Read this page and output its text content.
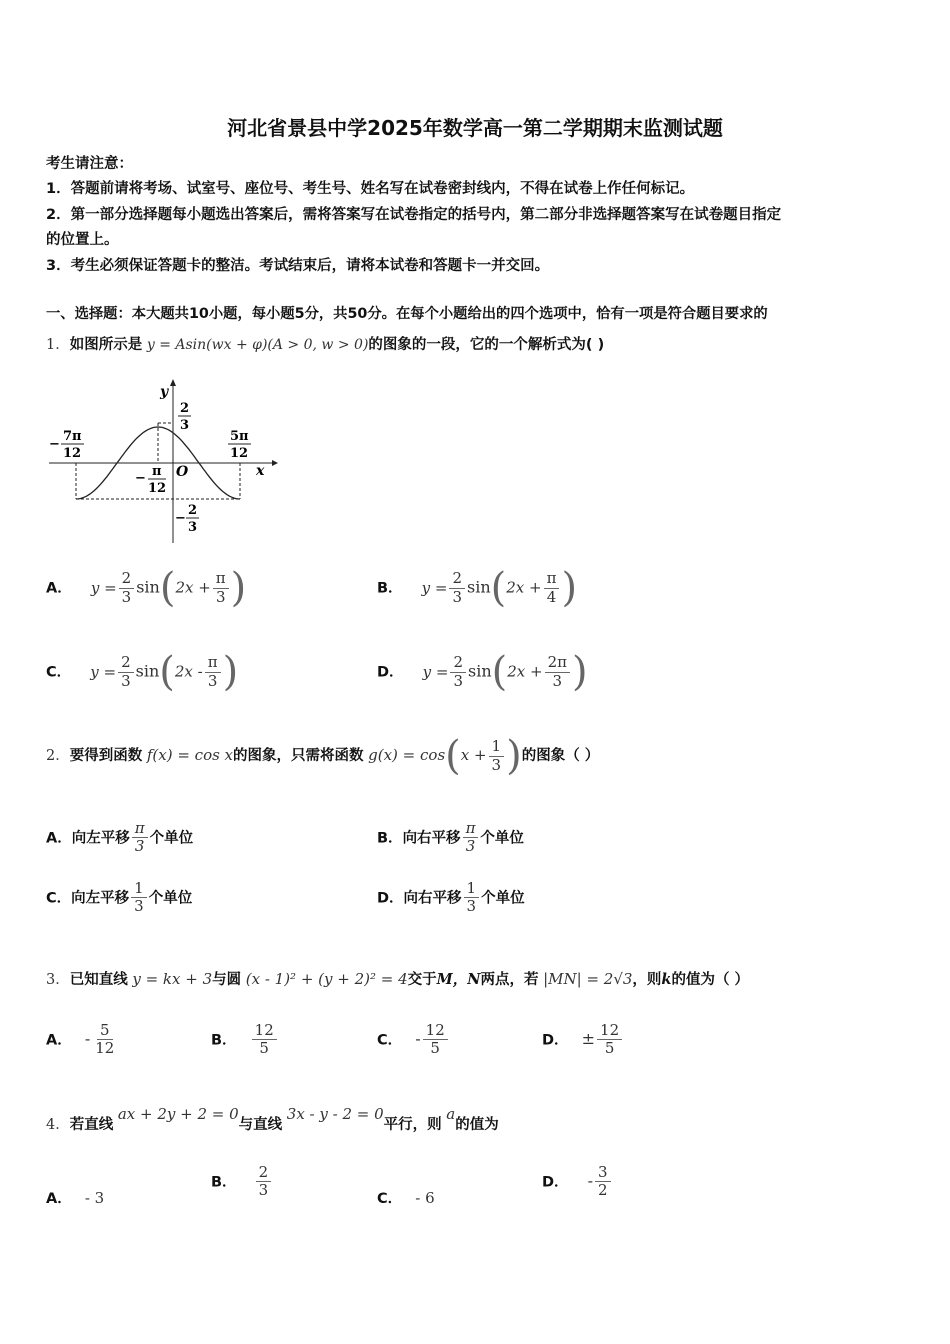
河北省景县中学2025年数学高一第二学期期末监测试题
考生请注意：
1．答题前请将考场、试室号、座位号、考生号、姓名写在试卷密封线内，不得在试卷上作任何标记。
2．第一部分选择题每小题选出答案后，需将答案写在试卷指定的括号内，第二部分非选择题答案写在试卷题目指定
的位置上。
3．考生必须保证答题卡的整洁。考试结束后，请将本试卷和答题卡一并交回。
一、选择题：本大题共10小题，每小题5分，共50分。在每个小题给出的四个选项中，恰有一项是符合题目要求的
1．如图所示是 y = Asin(wx + φ)(A > 0, w > 0)的图象的一段，它的一个解析式为( )
y
x
O
2
3
−
2
3
−
7π
12
− π
12
5π
12
A． $y = \frac{2}{3} \sin(2x + \frac{\pi}{3}$ )	B． $y = \frac{2}{3} \sin(2x + \frac{\pi}{4}$ )
C． $y = \frac{2}{3} \sin(2x - \frac{\pi}{3}$ )	D． $y = \frac{2}{3} \sin(2x + \frac{2\pi}{3}$ )
2．要得到函数 f(x) = cos x的图象，只需将函数 $g(x) = \cos(x + \frac{1}{3}$ )的图象（ ）
A．向左平移 $\frac{\pi}{3}$ 个单位	B．向右平移 $\frac{\pi}{3}$ 个单位
C．向左平移 $\frac{1}{3}$ 个单位	D．向右平移 $\frac{1}{3}$ 个单位
3．已知直线 y = kx + 3与圆 (x - 1)² + (y + 2)² = 4交于M，N两点，若 |MN| = 2√3，则k的值为（ ）
A． - $\frac{5}{12}$	B． $\frac{12}{5}$	C． - $\frac{12}{5}$	D． ± $\frac{12}{5}$
4．若直线 ax + 2y + 2 = 0与直线 3x - y - 2 = 0平行，则 a的值为
A． - 3
B． $\frac{2}{3}$	C． - 6
D． - $\frac{3}{2}$
